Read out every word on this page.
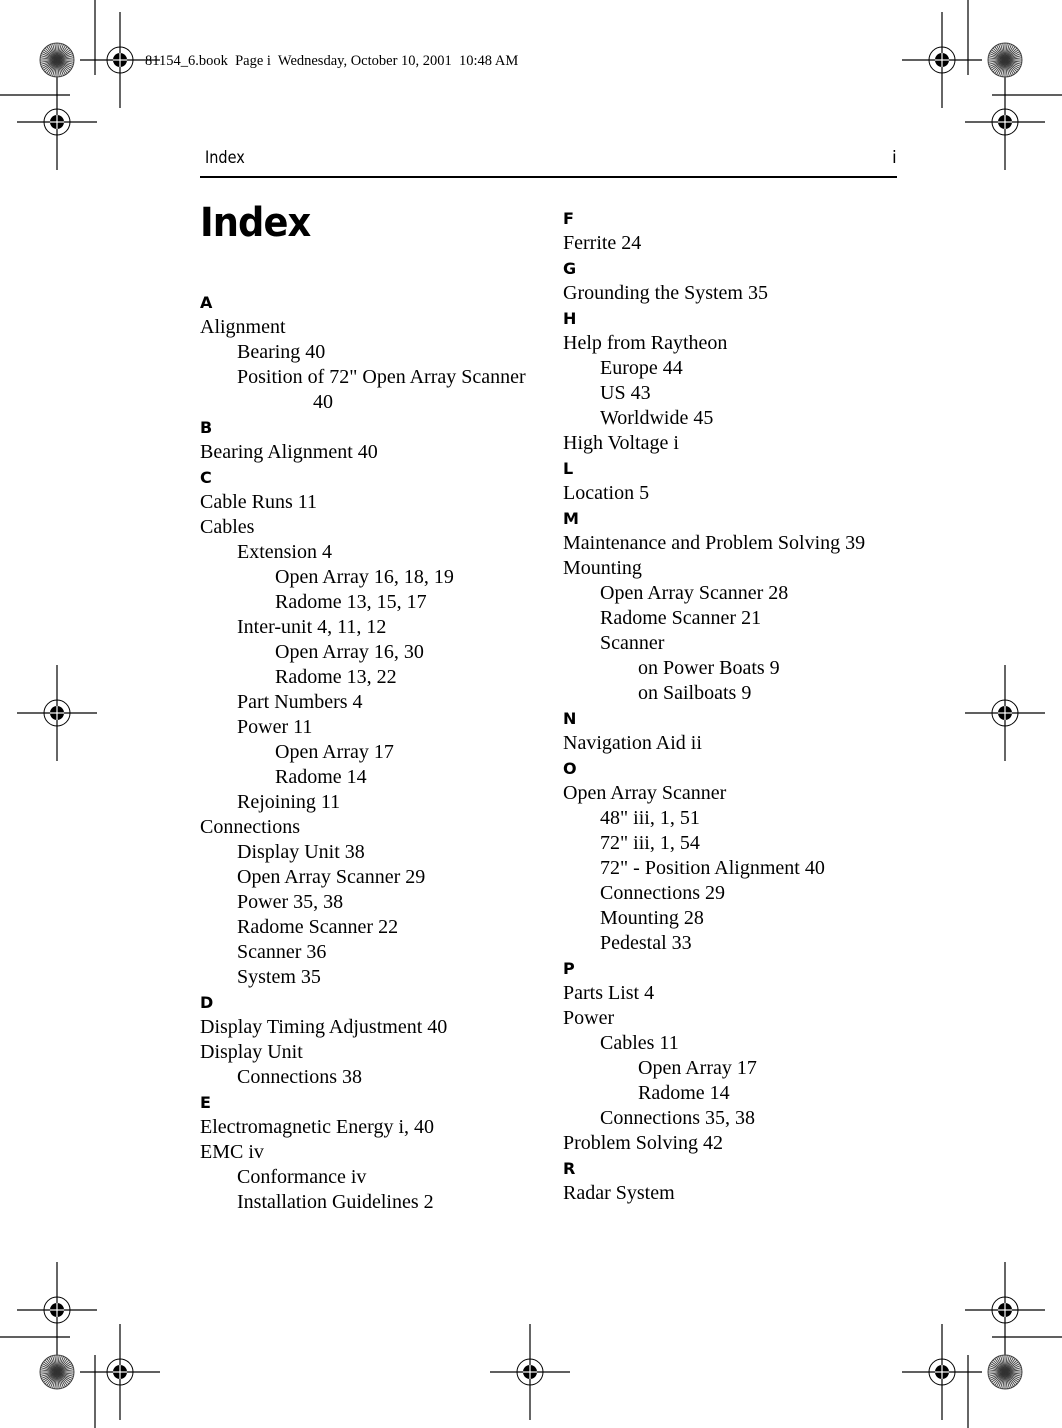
81154_6.book  Page i  Wednesday, October 10, 2001  10:48 AM
Index	i
Index
A
Alignment
Bearing 40
Position of 72" Open Array Scanner
40
B
Bearing Alignment 40
C
Cable Runs 11
Cables
Extension 4
Open Array 16, 18, 19
Radome 13, 15, 17
Inter-unit 4, 11, 12
Open Array 16, 30
Radome 13, 22
Part Numbers 4
Power 11
Open Array 17
Radome 14
Rejoining 11
Connections
Display Unit 38
Open Array Scanner 29
Power 35, 38
Radome Scanner 22
Scanner 36
System 35
D
Display Timing Adjustment 40
Display Unit
Connections 38
E
Electromagnetic Energy i, 40
EMC iv
Conformance iv
Installation Guidelines 2
F
Ferrite 24
G
Grounding the System 35
H
Help from Raytheon
Europe 44
US 43
Worldwide 45
High Voltage i
L
Location 5
M
Maintenance and Problem Solving 39
Mounting
Open Array Scanner 28
Radome Scanner 21
Scanner
on Power Boats 9
on Sailboats 9
N
Navigation Aid ii
O
Open Array Scanner
48" iii, 1, 51
72" iii, 1, 54
72" - Position Alignment 40
Connections 29
Mounting 28
Pedestal 33
P
Parts List 4
Power
Cables 11
Open Array 17
Radome 14
Connections 35, 38
Problem Solving 42
R
Radar System
